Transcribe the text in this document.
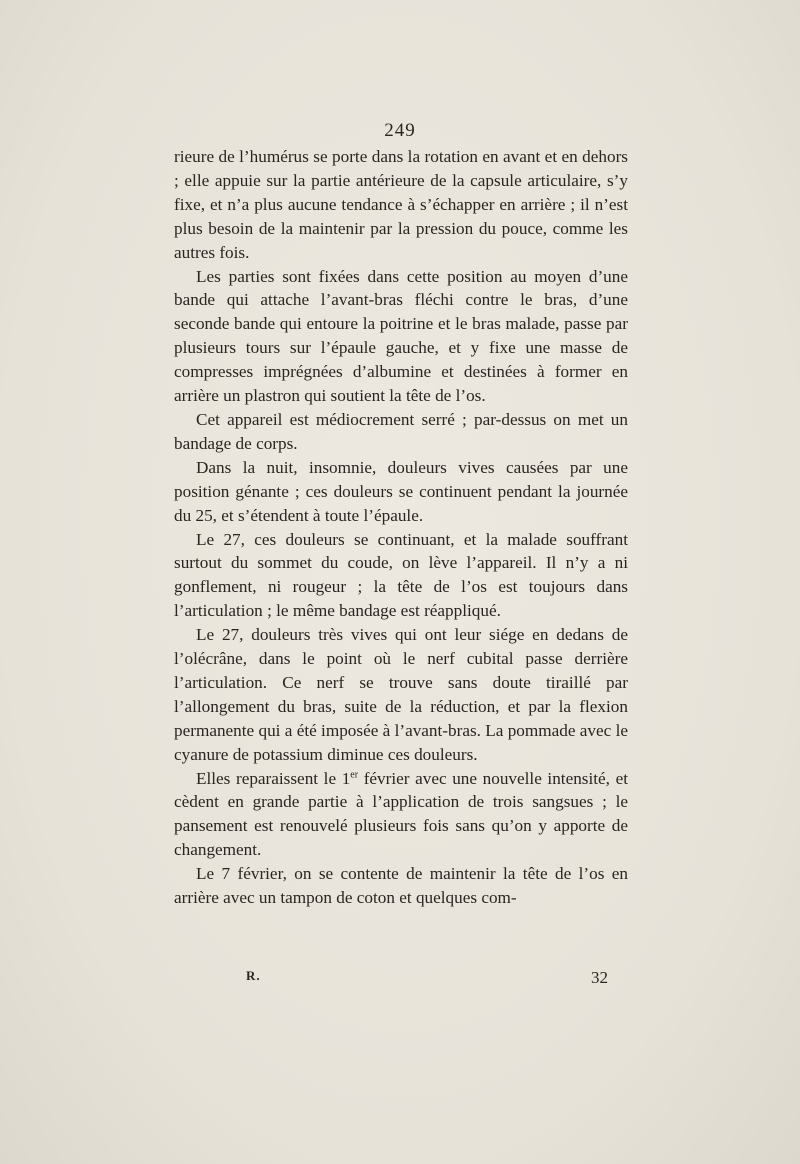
249

rieure de l’humérus se porte dans la rotation en avant et en dehors ; elle appuie sur la partie antérieure de la capsule articulaire, s’y fixe, et n’a plus aucune tendance à s’échapper en arrière ; il n’est plus besoin de la maintenir par la pression du pouce, comme les autres fois.

Les parties sont fixées dans cette position au moyen d’une bande qui attache l’avant-bras fléchi contre le bras, d’une seconde bande qui entoure la poitrine et le bras malade, passe par plusieurs tours sur l’épaule gauche, et y fixe une masse de compresses imprégnées d’albumine et destinées à former en arrière un plastron qui soutient la tête de l’os.

Cet appareil est médiocrement serré ; par-dessus on met un bandage de corps.

Dans la nuit, insomnie, douleurs vives causées par une position génante ; ces douleurs se continuent pendant la journée du 25, et s’étendent à toute l’épaule.

Le 27, ces douleurs se continuant, et la malade souffrant surtout du sommet du coude, on lève l’appareil. Il n’y a ni gonflement, ni rougeur ; la tête de l’os est toujours dans l’articulation ; le même bandage est réappliqué.

Le 27, douleurs très vives qui ont leur siége en dedans de l’olécrâne, dans le point où le nerf cubital passe derrière l’articulation. Ce nerf se trouve sans doute tiraillé par l’allongement du bras, suite de la réduction, et par la flexion permanente qui a été imposée à l’avant-bras. La pommade avec le cyanure de potassium diminue ces douleurs.

Elles reparaissent le 1er février avec une nouvelle intensité, et cèdent en grande partie à l’application de trois sangsues ; le pansement est renouvelé plusieurs fois sans qu’on y apporte de changement.

Le 7 février, on se contente de maintenir la tête de l’os en arrière avec un tampon de coton et quelques com-

R.	32
